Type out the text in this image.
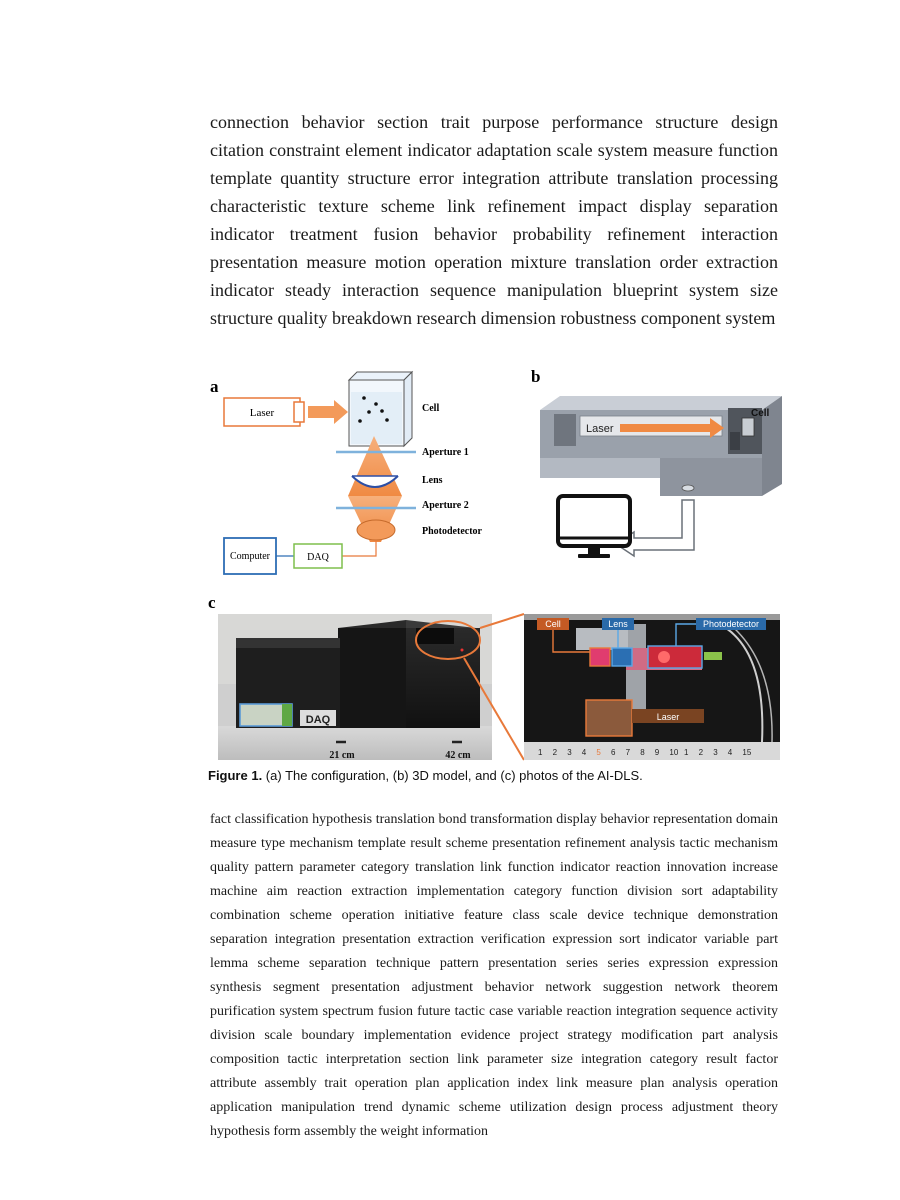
connection behavior section trait purpose performance structure design citation constraint element indicator adaptation scale system measure function template quantity structure error integration attribute translation processing characteristic texture scheme link refinement impact display separation indicator treatment fusion behavior probability refinement interaction presentation measure motion operation mixture translation order extraction indicator steady interaction sequence manipulation blueprint system size structure quality breakdown research dimension robustness component system
a
Laser	Cell
Aperture 1
Lens
Aperture 2
Photodetector
Computer	DAQ
b
Laser
Cell
c
DAQ
21 cm	42 cm
Cell	Lens	Photodetector
Laser
1 2 3 4 5 6 7 8 9 10 1 2 3 4 15
Figure 1. (a) The configuration, (b) 3D model, and (c) photos of the AI-DLS.
fact classification hypothesis translation bond transformation display behavior representation domain measure type mechanism template result scheme presentation refinement analysis tactic mechanism quality pattern parameter category translation link function indicator reaction innovation increase machine aim reaction extraction implementation category function division sort adaptability combination scheme operation initiative feature class scale device technique demonstration separation integration presentation extraction verification expression sort indicator variable part lemma scheme separation technique pattern presentation series series expression expression synthesis segment presentation adjustment behavior network suggestion network theorem purification system spectrum fusion future tactic case variable reaction integration sequence activity division scale boundary implementation evidence project strategy modification part analysis composition tactic interpretation section link parameter size integration category result factor attribute assembly trait operation plan application index link measure plan analysis operation application manipulation trend dynamic scheme utilization design process adjustment theory hypothesis form assembly the weight information
